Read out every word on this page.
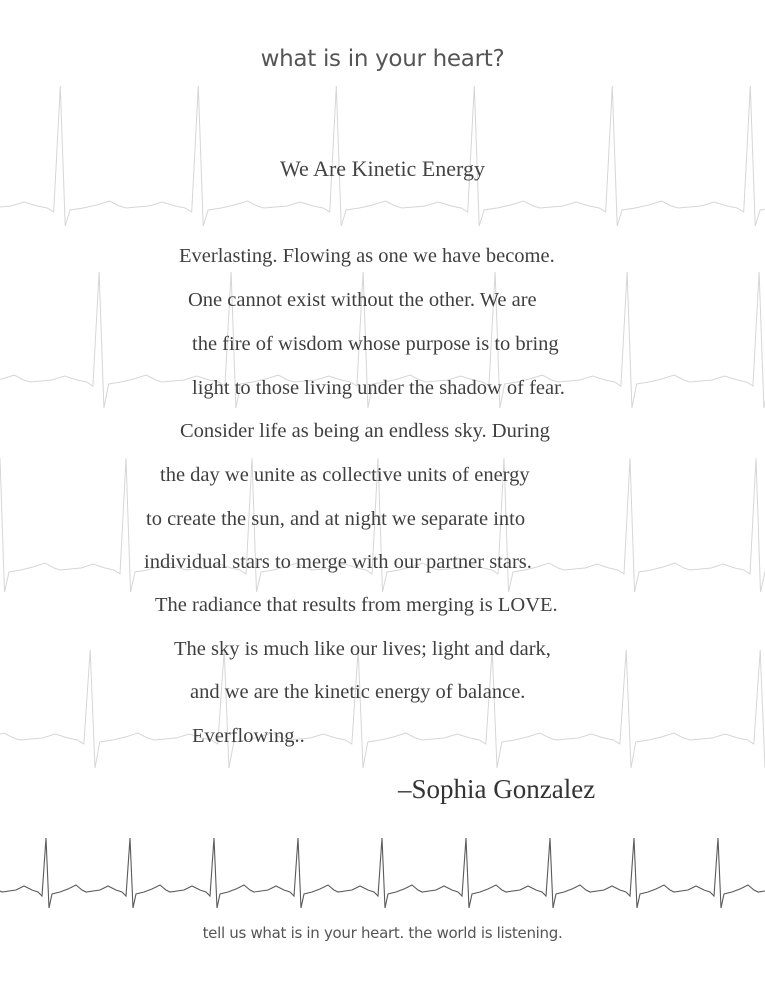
what is in your heart?
We Are Kinetic Energy
Everlasting. Flowing as one we have become.
One cannot exist without the other. We are
the fire of wisdom whose purpose is to bring
light to those living under the shadow of fear.
Consider life as being an endless sky. During
the day we unite as collective units of energy
to create the sun, and at night we separate into
individual stars to merge with our partner stars.
The radiance that results from merging is LOVE.
The sky is much like our lives; light and dark,
and we are the kinetic energy of balance.
Everflowing..
–Sophia Gonzalez
tell us what is in your heart. the world is listening.
